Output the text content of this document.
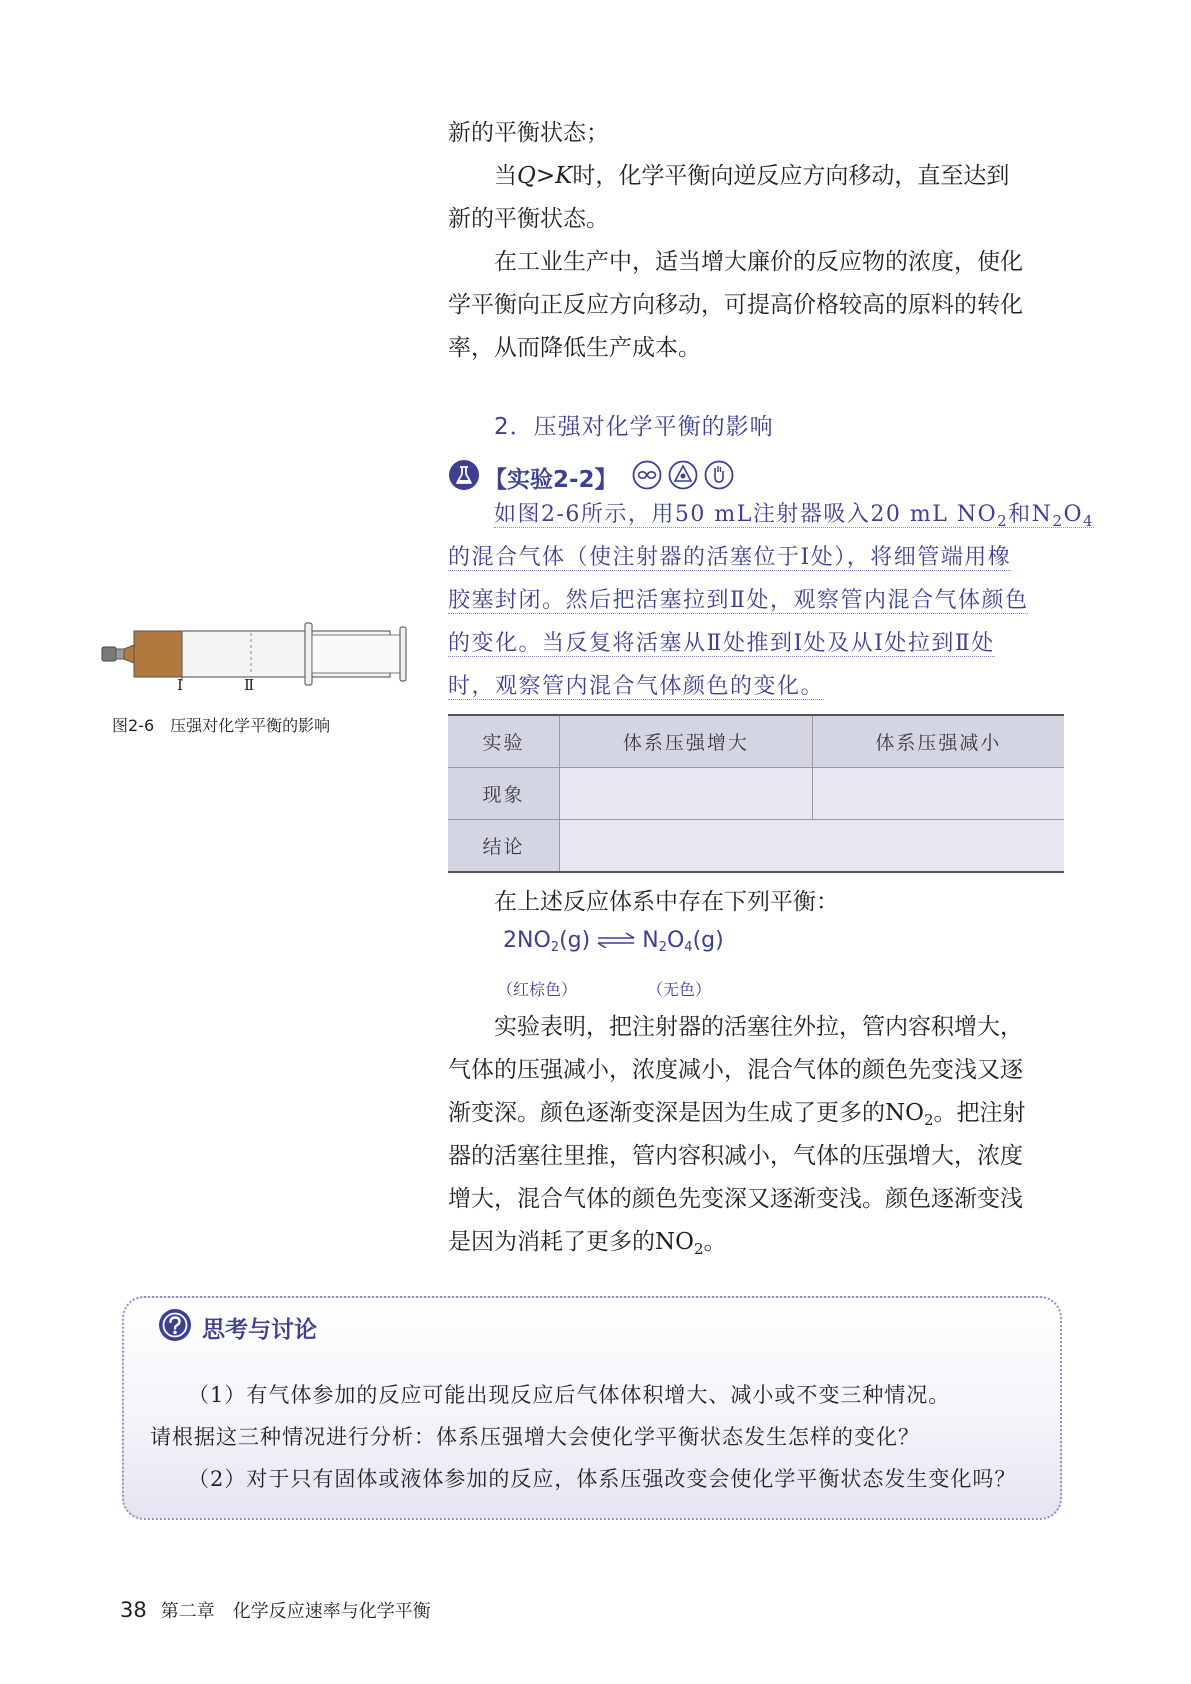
新的平衡状态；
当Q>K时，化学平衡向逆反应方向移动，直至达到
新的平衡状态。
在工业生产中，适当增大廉价的反应物的浓度，使化
学平衡向正反应方向移动，可提高价格较高的原料的转化
率，从而降低生产成本。
2．压强对化学平衡的影响
【实验2-2】
如图2-6所示，用50 mL注射器吸入20 mL $NO_2$和$N_2O_4$
的混合气体（使注射器的活塞位于Ⅰ处），将细管端用橡
胶塞封闭。然后把活塞拉到Ⅱ处，观察管内混合气体颜色
的变化。当反复将活塞从Ⅱ处推到Ⅰ处及从Ⅰ处拉到Ⅱ处
时，观察管内混合气体颜色的变化。
Ⅰ	Ⅱ
图2-6　压强对化学平衡的影响
实验	体系压强增大	体系压强减小
现象		
结论		
在上述反应体系中存在下列平衡：
2NO2(g) ⇌ N2O4(g)
（红棕色）	（无色）
实验表明，把注射器的活塞往外拉，管内容积增大，
气体的压强减小，浓度减小，混合气体的颜色先变浅又逐
渐变深。颜色逐渐变深是因为生成了更多的$NO_2$。把注射
器的活塞往里推，管内容积减小，气体的压强增大，浓度
增大，混合气体的颜色先变深又逐渐变浅。颜色逐渐变浅
是因为消耗了更多的$NO_2$。
思考与讨论
（1）有气体参加的反应可能出现反应后气体体积增大、减小或不变三种情况。
请根据这三种情况进行分析：体系压强增大会使化学平衡状态发生怎样的变化？
（2）对于只有固体或液体参加的反应，体系压强改变会使化学平衡状态发生变化吗？
38 第二章　化学反应速率与化学平衡
